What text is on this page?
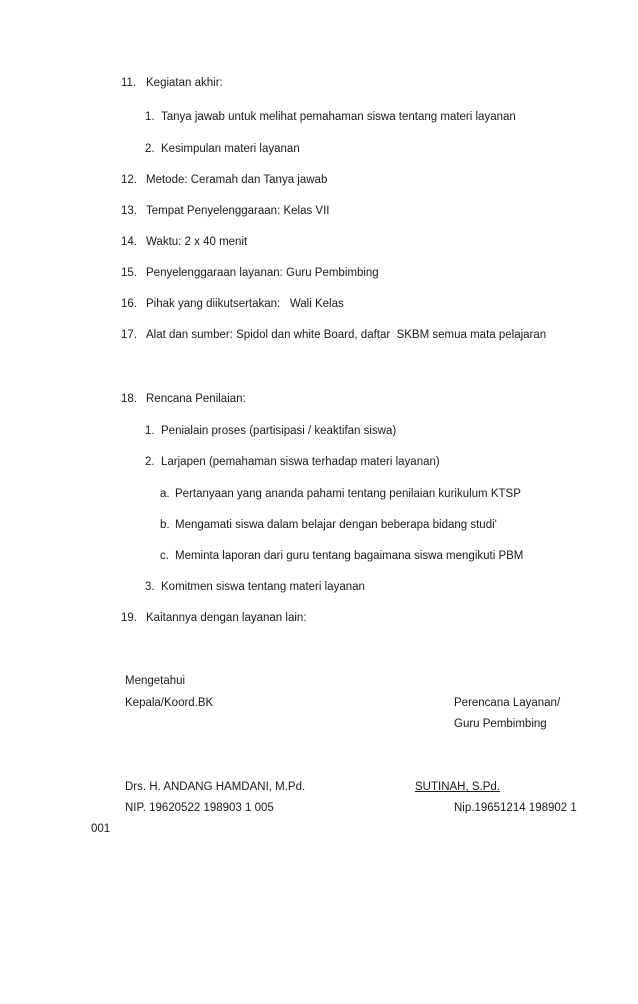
11. Kegiatan akhir:
1. Tanya jawab untuk melihat pemahaman siswa tentang materi layanan
2. Kesimpulan materi layanan
12. Metode: Ceramah dan Tanya jawab
13. Tempat Penyelenggaraan: Kelas VII
14. Waktu: 2 x 40 menit
15. Penyelenggaraan layanan: Guru Pembimbing
16. Pihak yang diikutsertakan:   Wali Kelas
17. Alat dan sumber: Spidol dan white Board, daftar  SKBM semua mata pelajaran
18. Rencana Penilaian:
1. Penialain proses (partisipasi / keaktifan siswa)
2. Larjapen (pemahaman siswa terhadap materi layanan)
a. Pertanyaan yang ananda pahami tentang penilaian kurikulum KTSP
b. Mengamati siswa dalam belajar dengan beberapa bidang studi'
c. Meminta laporan dari guru tentang bagaimana siswa mengikuti PBM
3. Komitmen siswa tentang materi layanan
19. Kaitannya dengan layanan lain:
Mengetahui
Kepala/Koord.BK	Perencana Layanan/
Guru Pembimbing
Drs. H. ANDANG HAMDANI, M.Pd.	SUTINAH, S.Pd.
NIP. 19620522 198903 1 005	Nip.19651214 198902 1
001
